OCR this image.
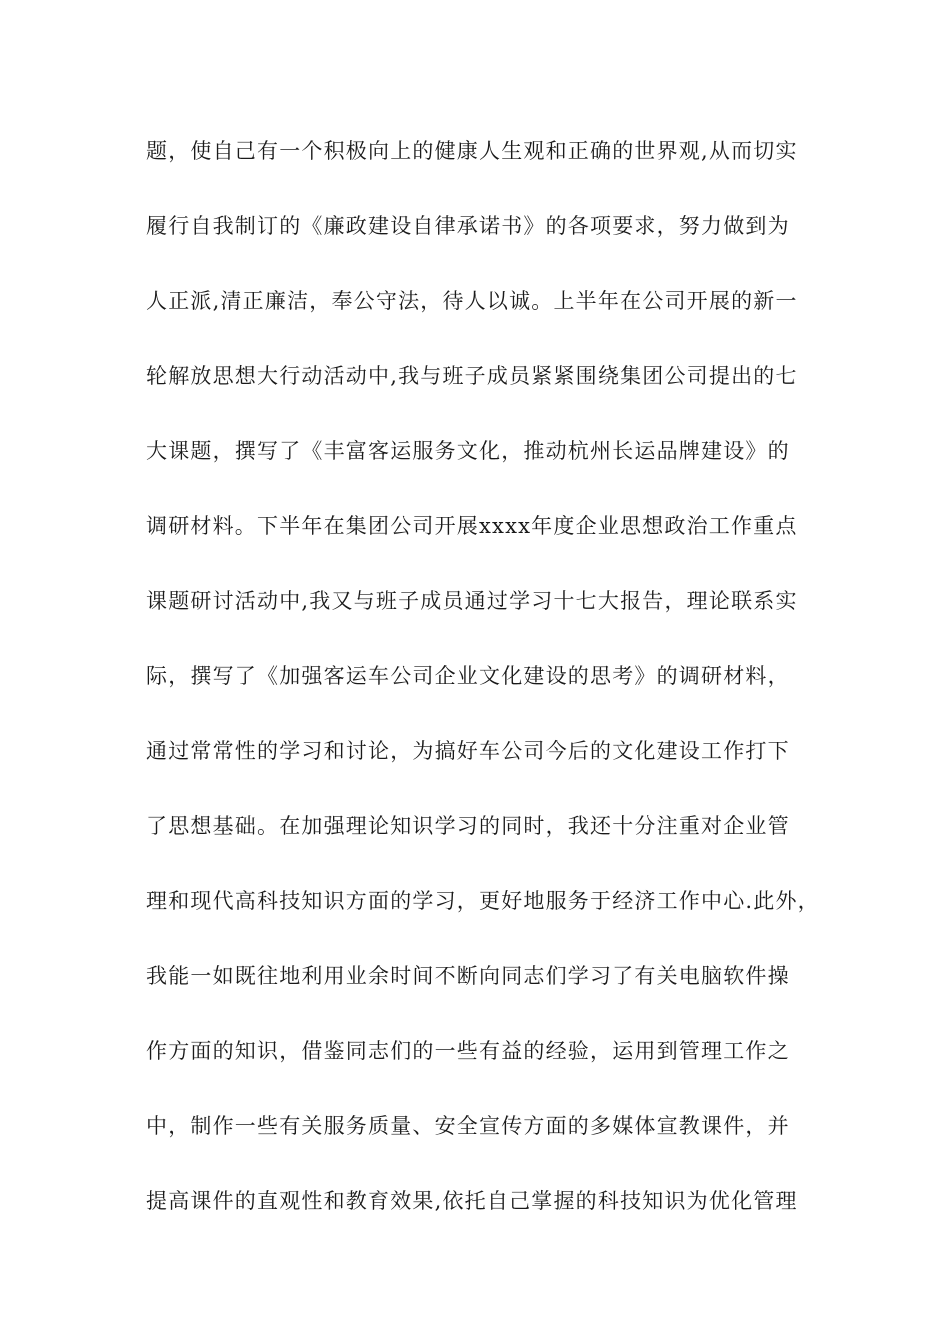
题，使自己有一个积极向上的健康人生观和正确的世界观,从而切实
履行自我制订的《廉政建设自律承诺书》的各项要求，努力做到为
人正派,清正廉洁，奉公守法，待人以诚。上半年在公司开展的新一
轮解放思想大行动活动中,我与班子成员紧紧围绕集团公司提出的七
大课题，撰写了《丰富客运服务文化，推动杭州长运品牌建设》的
调研材料。下半年在集团公司开展xxxx年度企业思想政治工作重点
课题研讨活动中,我又与班子成员通过学习十七大报告，理论联系实
际，撰写了《加强客运车公司企业文化建设的思考》的调研材料，
通过常常性的学习和讨论，为搞好车公司今后的文化建设工作打下
了思想基础。在加强理论知识学习的同时，我还十分注重对企业管
理和现代高科技知识方面的学习，更好地服务于经济工作中心.此外，
我能一如既往地利用业余时间不断向同志们学习了有关电脑软件操
作方面的知识，借鉴同志们的一些有益的经验，运用到管理工作之
中，制作一些有关服务质量、安全宣传方面的多媒体宣教课件，并
提高课件的直观性和教育效果,依托自己掌握的科技知识为优化管理
